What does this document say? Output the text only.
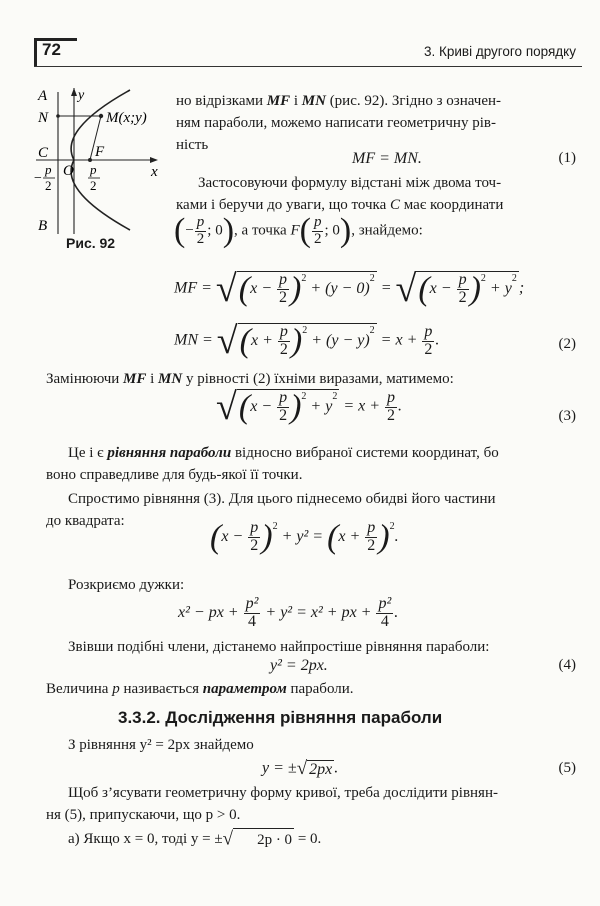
72	3. Криві другого порядку
A
N
C
B
O
F
y
x
M(x;y)
−
p
2
p
2
Рис. 92
но відрізками MF і MN (рис. 92). Згідно з означен-
ням параболи, можемо написати геометричну рів-
ність
MF = MN.	(1)
Застосовуючи формулу відстані між двома точ-
ками і беручи до уваги, що точка C має координати
(− $\frac{p}{2}$ ; 0), а точка $F( \frac{p}{2}$ ; 0), знайдемо:
MF = $√(x - \frac{p}{2} )^2 + (y - 0)^2 = √(x - \frac{p}{2} )^2 + y^2$;
MN = $√(x + \frac{p}{2} )^2 + (y - y)^2 = x + \frac{p}{2}$ .	(2)
Замінюючи MF і MN у рівності (2) їхніми виразами, матимемо:
$√(x - \frac{p}{2} )^2 + y^2 = x + \frac{p}{2}$ .
(3)
Це і є рівняння параболи відносно вибраної системи координат, бо
воно справедливе для будь-якої її точки.
Спростимо рівняння (3). Для цього піднесемо обидві його частини
до квадрата:	$(x - \frac{p}{2} )^2 + y^2 = (x + \frac{p}{2} )^2$.
Розкриємо дужки:
x² − px + $\frac{\text{p²}}{4} + y^2 = x^2$ + px + $\frac{\text{p²}}{4}$ .
Звівши подібні члени, дістанемо найпростіше рівняння параболи:
y² = 2px.	(4)
Величина p називається параметром параболи.
3.3.2. Дослідження рівняння параболи
З рівняння y² = 2px знайдемо
y = ±√ 2px .	(5)
Щоб з’ясувати геометричну форму кривої, треба дослідити рівнян-
ня (5), припускаючи, що p > 0.
а) Якщо x = 0, тоді y = ±√ 2p · 0 = 0.
